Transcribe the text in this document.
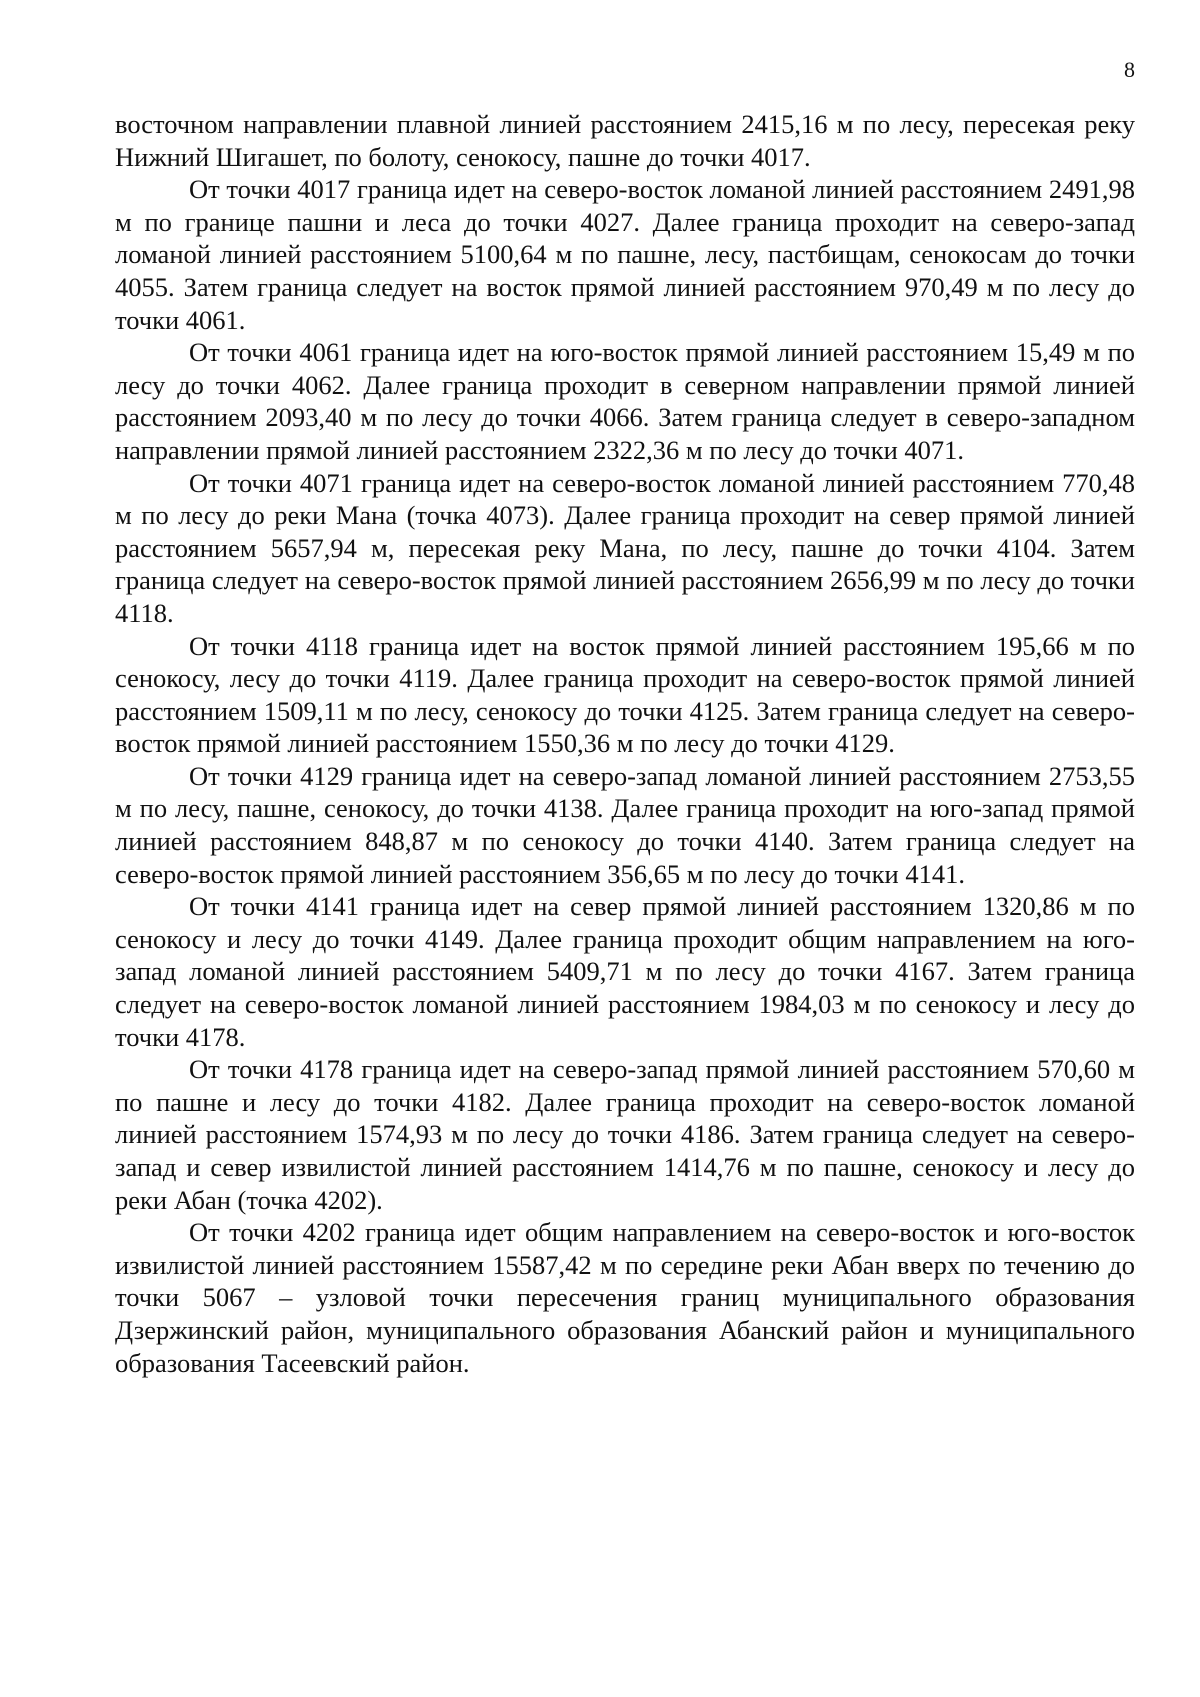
8

восточном направлении плавной линией расстоянием 2415,16 м по лесу, пересекая реку Нижний Шигашет, по болоту, сенокосу, пашне до точки 4017.

От точки 4017 граница идет на северо-восток ломаной линией расстоянием 2491,98 м по границе пашни и леса до точки 4027. Далее граница проходит на северо-запад ломаной линией расстоянием 5100,64 м по пашне, лесу, пастбищам, сенокосам до точки 4055. Затем граница следует на восток прямой линией расстоянием 970,49 м по лесу до точки 4061.

От точки 4061 граница идет на юго-восток прямой линией расстоянием 15,49 м по лесу до точки 4062. Далее граница проходит в северном направлении прямой линией расстоянием 2093,40 м по лесу до точки 4066. Затем граница следует в северо-западном направлении прямой линией расстоянием 2322,36 м по лесу до точки 4071.

От точки 4071 граница идет на северо-восток ломаной линией расстоянием 770,48 м по лесу до реки Мана (точка 4073). Далее граница проходит на север прямой линией расстоянием 5657,94 м, пересекая реку Мана, по лесу, пашне до точки 4104. Затем граница следует на северо-восток прямой линией расстоянием 2656,99 м по лесу до точки 4118.

От точки 4118 граница идет на восток прямой линией расстоянием 195,66 м по сенокосу, лесу до точки 4119. Далее граница проходит на северо-восток прямой линией расстоянием 1509,11 м по лесу, сенокосу до точки 4125. Затем граница следует на северо-восток прямой линией расстоянием 1550,36 м по лесу до точки 4129.

От точки 4129 граница идет на северо-запад ломаной линией расстоянием 2753,55 м по лесу, пашне, сенокосу, до точки 4138. Далее граница проходит на юго-запад прямой линией расстоянием 848,87 м по сенокосу до точки 4140. Затем граница следует на северо-восток прямой линией расстоянием 356,65 м по лесу до точки 4141.

От точки 4141 граница идет на север прямой линией расстоянием 1320,86 м по сенокосу и лесу до точки 4149. Далее граница проходит общим направлением на юго-запад ломаной линией расстоянием 5409,71 м по лесу до точки 4167. Затем граница следует на северо-восток ломаной линией расстоянием 1984,03 м по сенокосу и лесу до точки 4178.

От точки 4178 граница идет на северо-запад прямой линией расстоянием 570,60 м по пашне и лесу до точки 4182. Далее граница проходит на северо-восток ломаной линией расстоянием 1574,93 м по лесу до точки 4186. Затем граница следует на северо-запад и север извилистой линией расстоянием 1414,76 м по пашне, сенокосу и лесу до реки Абан (точка 4202).

От точки 4202 граница идет общим направлением на северо-восток и юго-восток извилистой линией расстоянием 15587,42 м по середине реки Абан вверх по течению до точки 5067 – узловой точки пересечения границ муниципального образования Дзержинский район, муниципального образования Абанский район и муниципального образования Тасеевский район.
